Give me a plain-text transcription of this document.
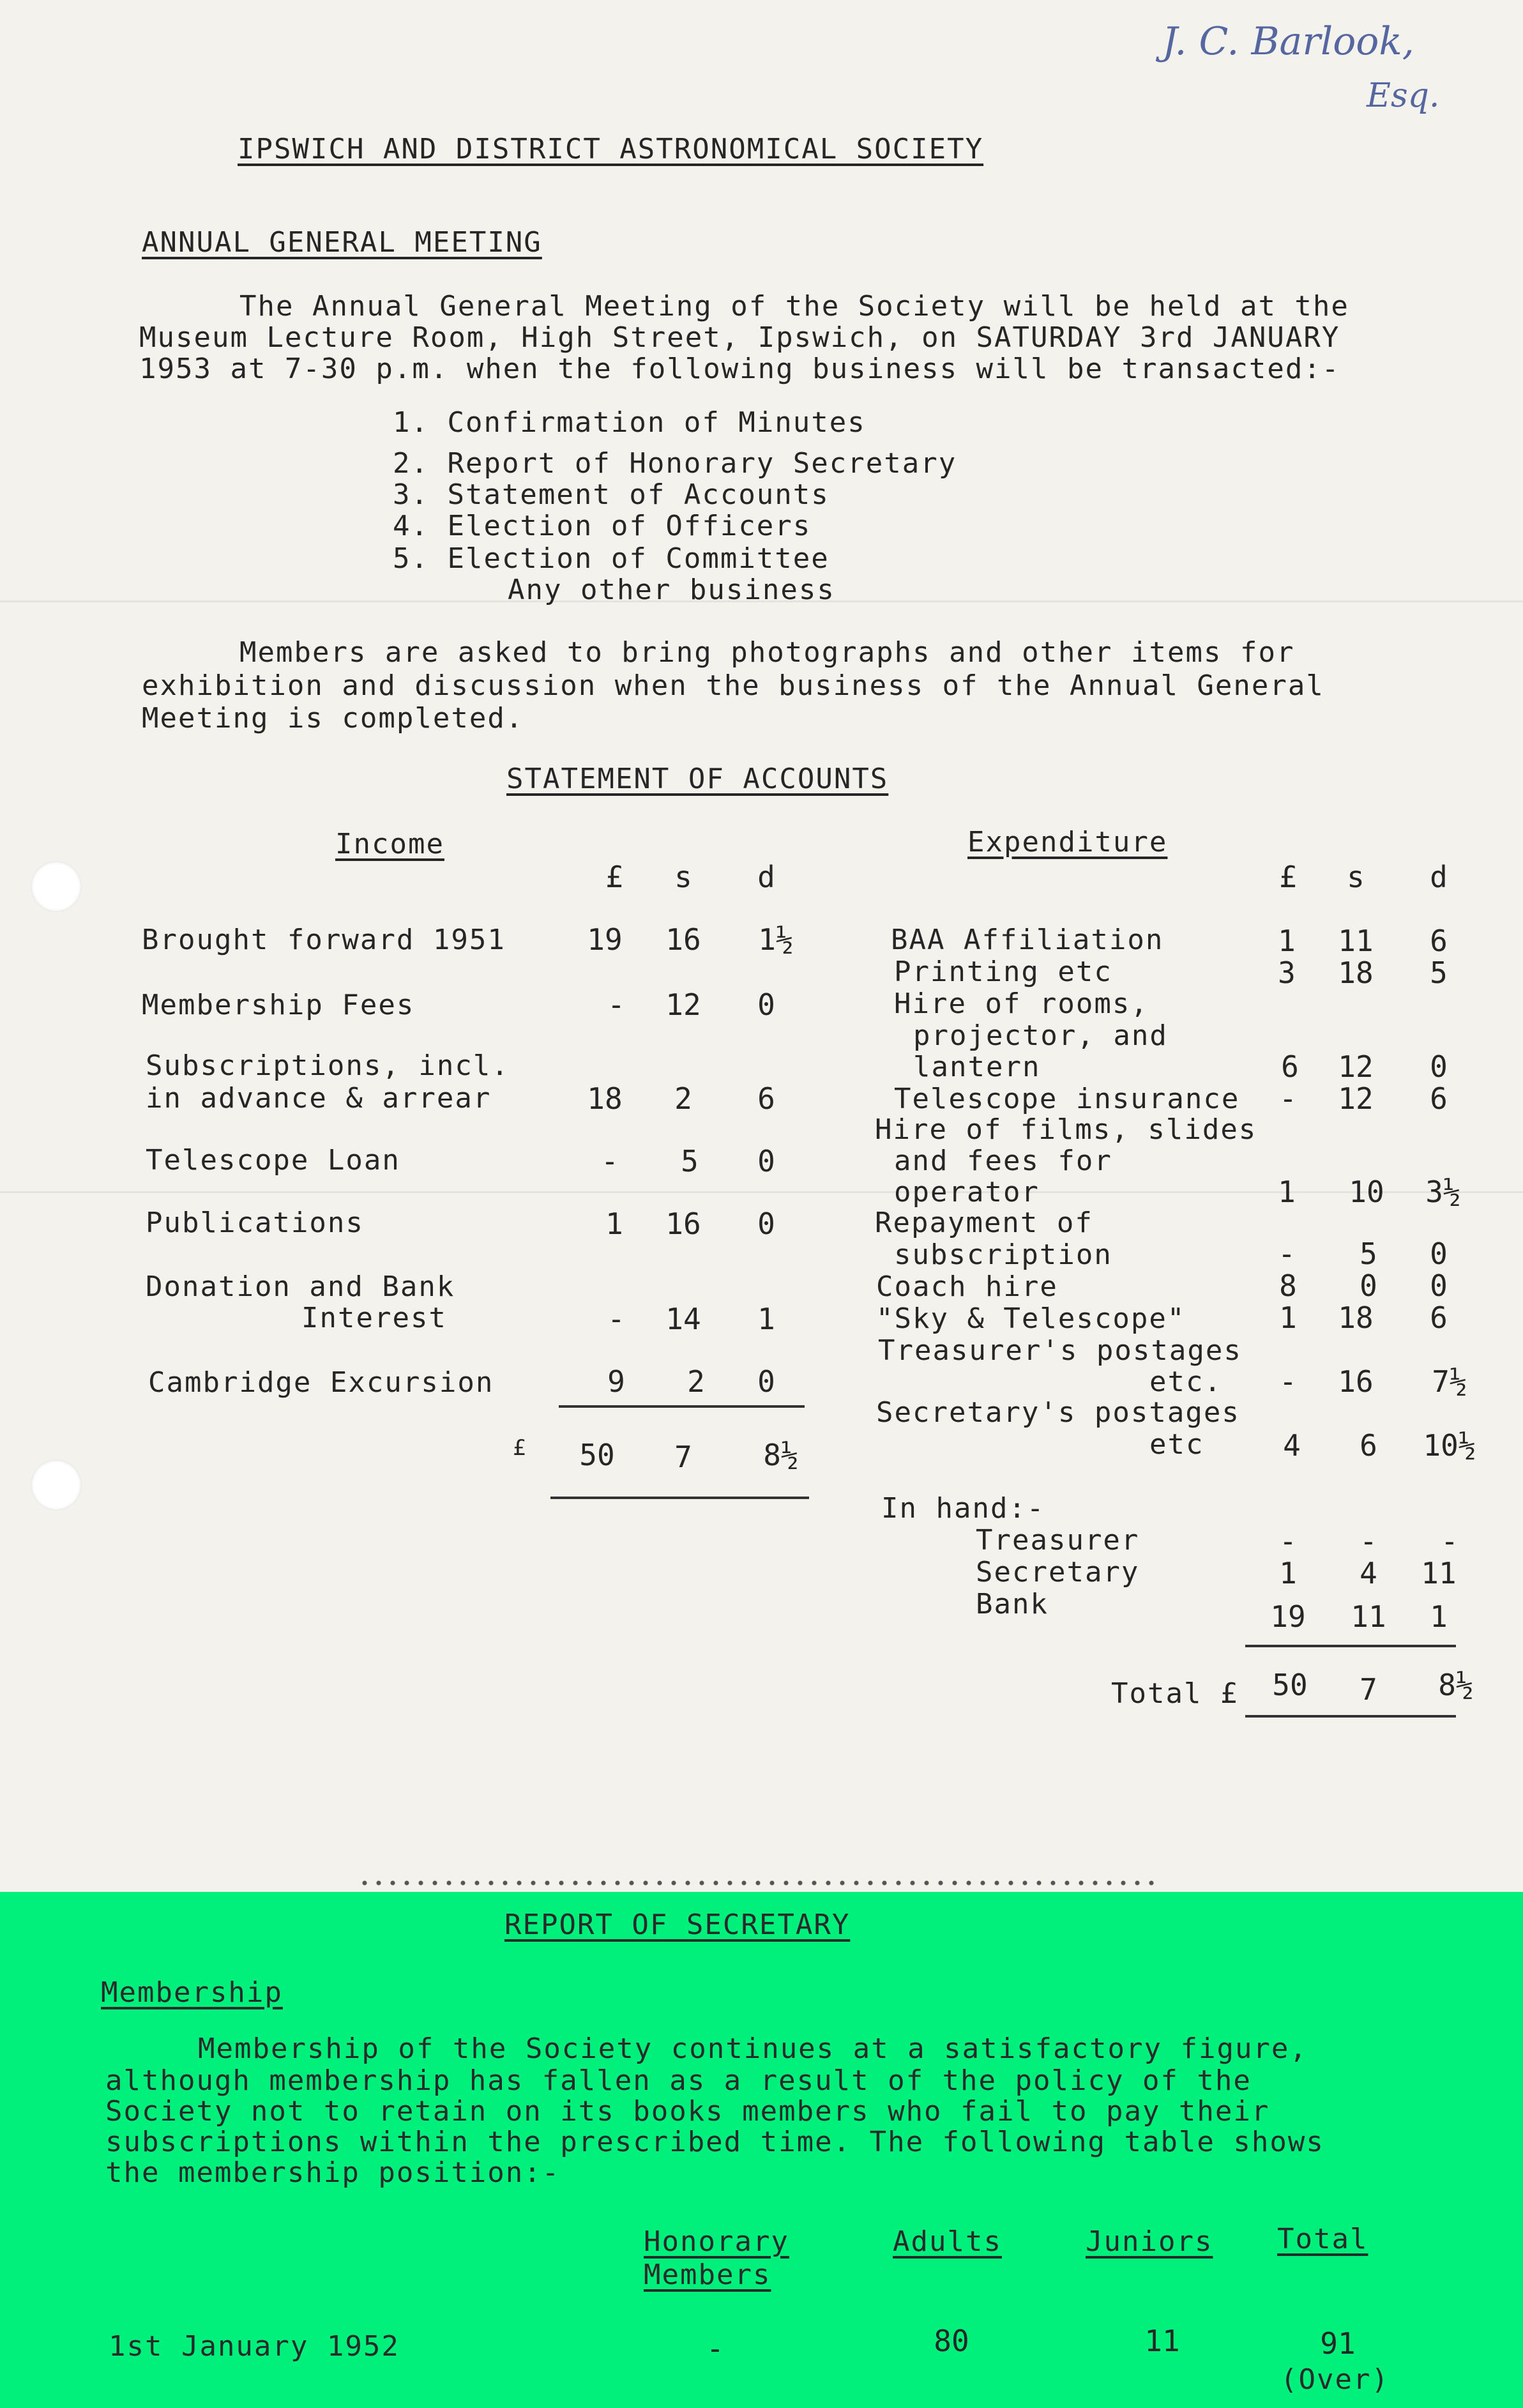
J. C. Barlook,
Esq.
IPSWICH AND DISTRICT ASTRONOMICAL SOCIETY
ANNUAL GENERAL MEETING
The Annual General Meeting of the Society will be held at the
Museum Lecture Room, High Street, Ipswich, on SATURDAY 3rd JANUARY
1953 at 7-30 p.m. when the following business will be transacted:-
1. Confirmation of Minutes
2. Report of Honorary Secretary
3. Statement of Accounts
4. Election of Officers
5. Election of Committee
Any other business
Members are asked to bring photographs and other items for
exhibition and discussion when the business of the Annual General
Meeting is completed.
STATEMENT OF ACCOUNTS
Income	Expenditure
£	s	d	£	s	d
Brought forward 1951	19	16	1½
Membership Fees	-	12	0
Subscriptions, incl.
in advance & arrear	18	2	6
Telescope Loan	-	5	0
Publications	1	16	0
Donation and Bank
Interest	-	14	1
Cambridge Excursion	9	2	0
£	50	7	8½
BAA Affiliation	1	11	6
Printing etc	3	18	5
Hire of rooms,
projector, and
lantern	6	12	0
Telescope insurance	-	12	6
Hire of films, slides
and fees for
operator	1	10	3½
Repayment of
subscription	-	5	0
Coach hire	8	0	0
"Sky & Telescope"	1	18	6
Treasurer's postages
etc.	-	16	7½
Secretary's postages
etc	4	6	10½
In hand:-
Treasurer	-	-	-
Secretary	1	4	11
Bank	19	11	1
Total £	50	7	8½
REPORT OF SECRETARY
Membership
Membership of the Society continues at a satisfactory figure,
although membership has fallen as a result of the policy of the
Society not to retain on its books members who fail to pay their
subscriptions within the prescribed time. The following table shows
the membership position:-
Honorary
Members
Adults	Juniors Total
1st January 1952	-	80	11	91
(Over)
